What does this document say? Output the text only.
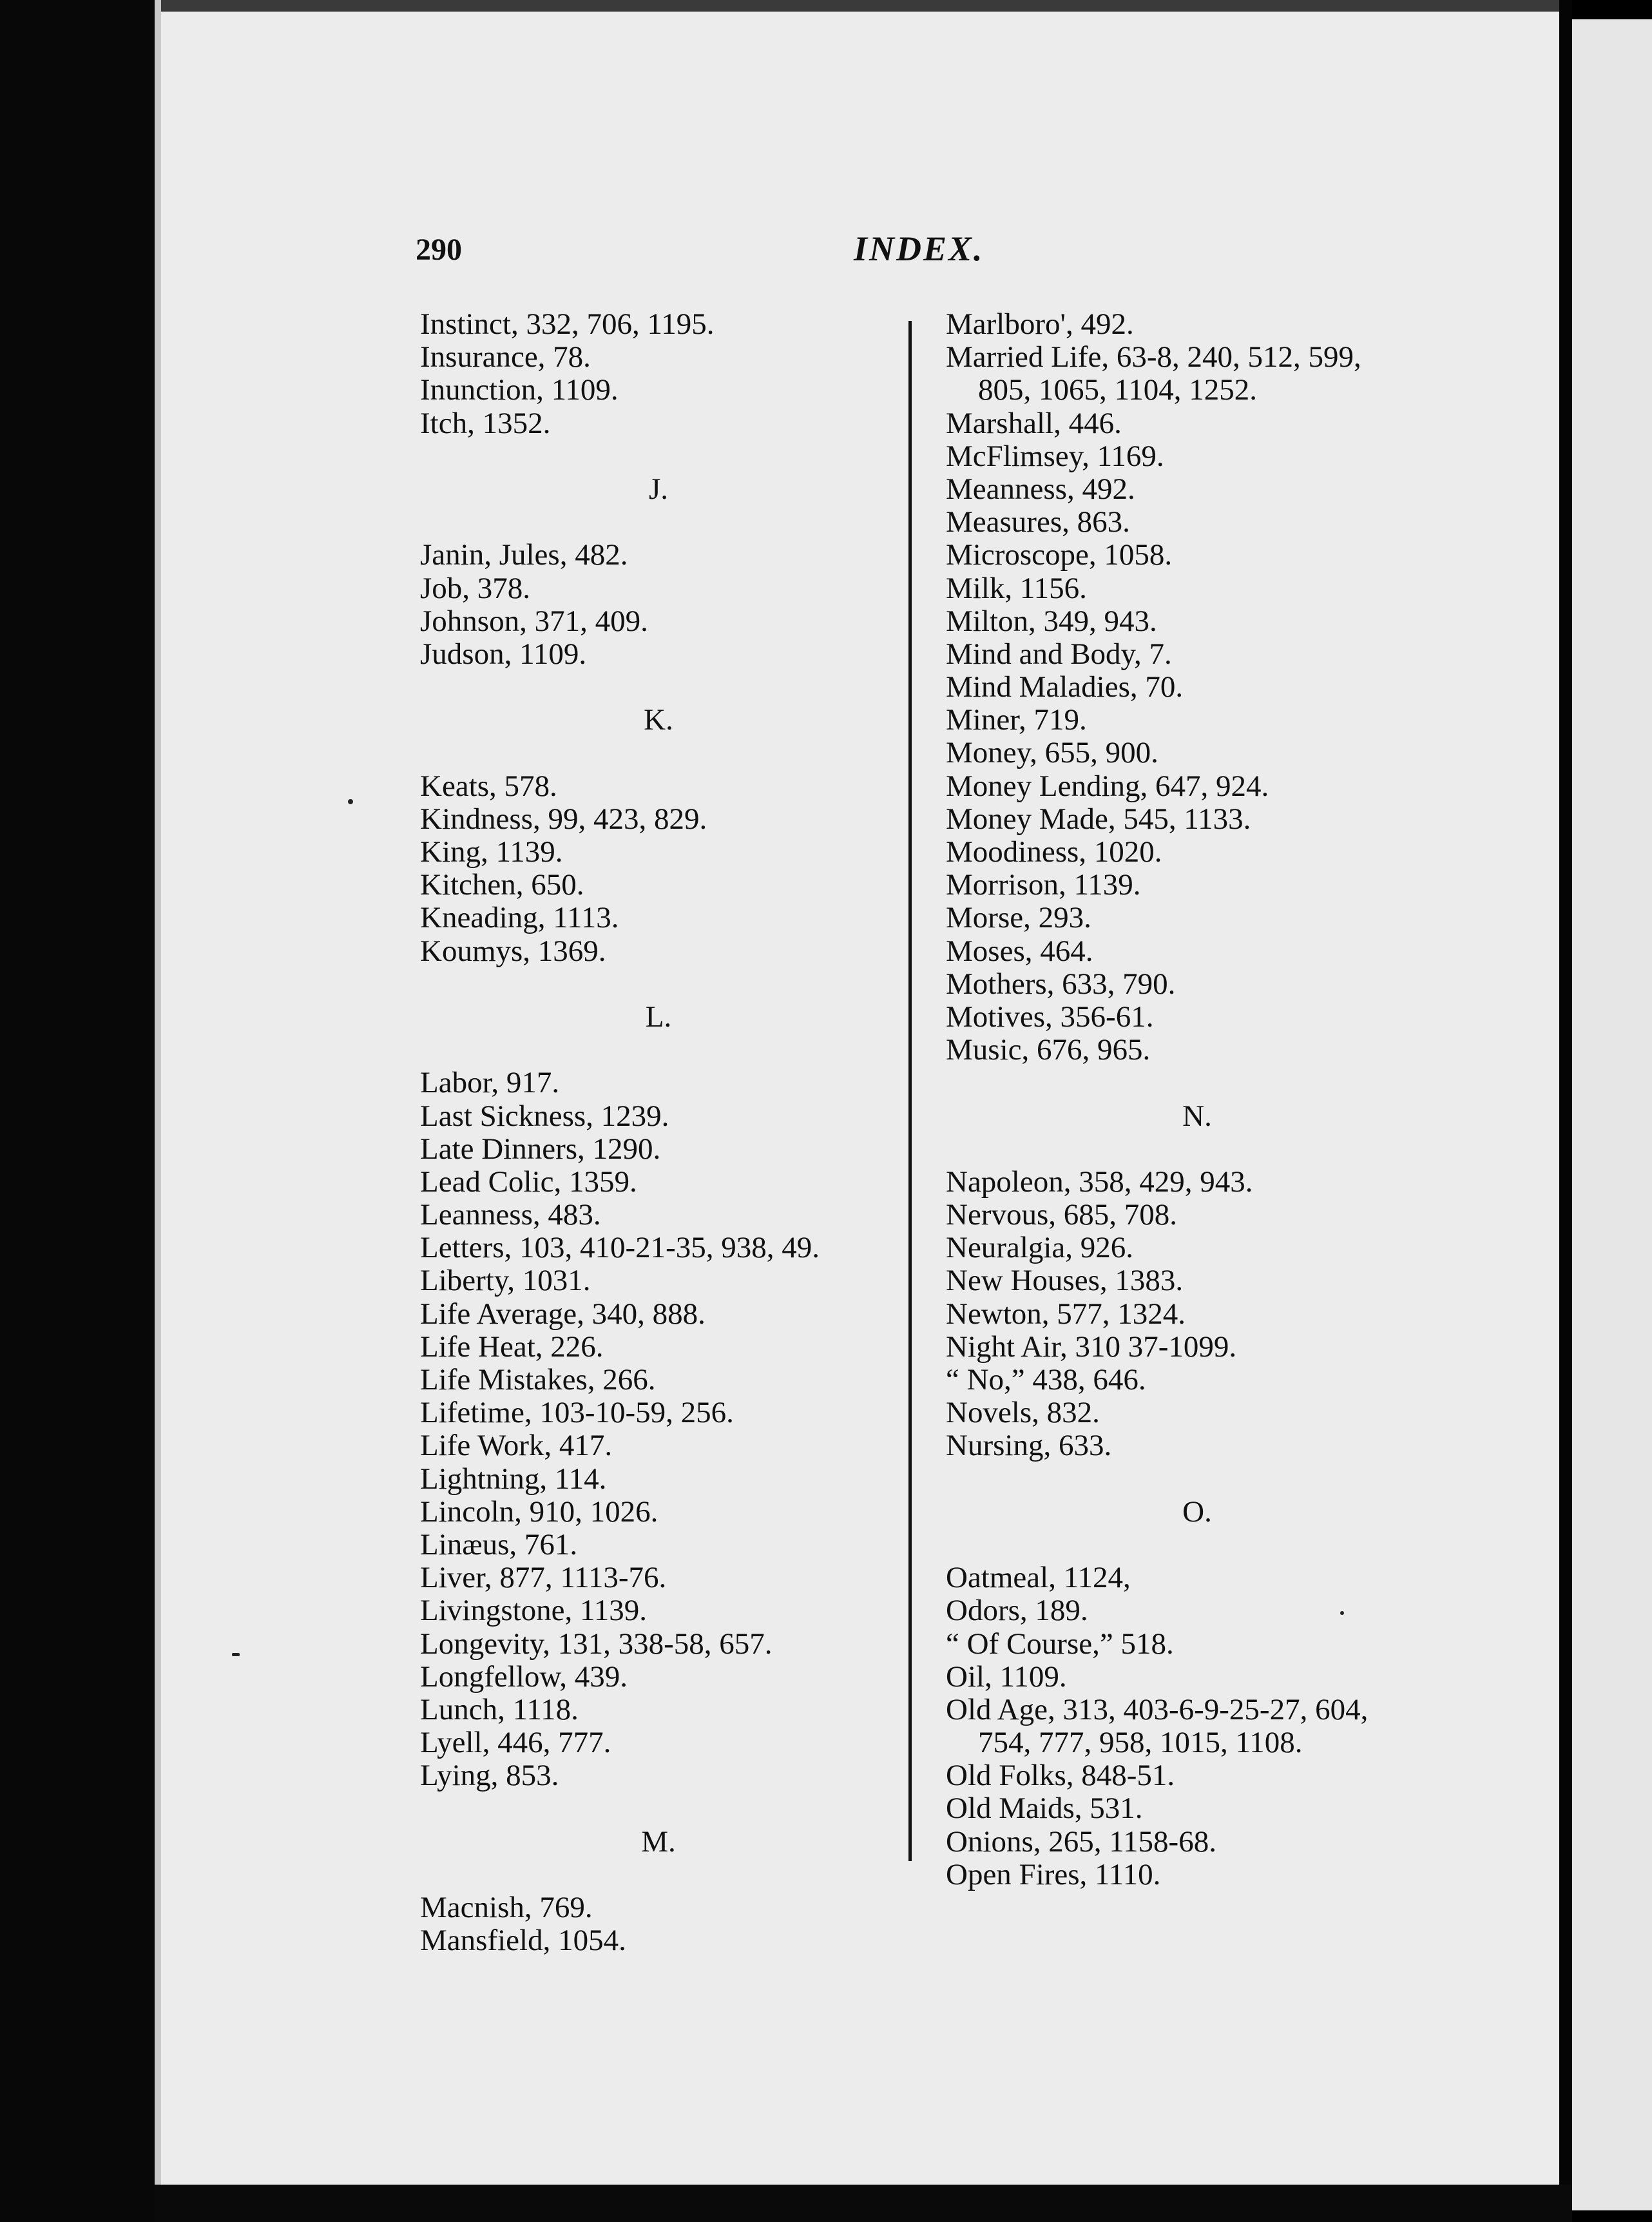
290	INDEX.
Instinct, 332, 706, 1195.
Insurance, 78.
Inunction, 1109.
Itch, 1352.
J.
Janin, Jules, 482.
Job, 378.
Johnson, 371, 409.
Judson, 1109.
K.
Keats, 578.
Kindness, 99, 423, 829.
King, 1139.
Kitchen, 650.
Kneading, 1113.
Koumys, 1369.
L.
Labor, 917.
Last Sickness, 1239.
Late Dinners, 1290.
Lead Colic, 1359.
Leanness, 483.
Letters, 103, 410-21-35, 938, 49.
Liberty, 1031.
Life Average, 340, 888.
Life Heat, 226.
Life Mistakes, 266.
Lifetime, 103-10-59, 256.
Life Work, 417.
Lightning, 114.
Lincoln, 910, 1026.
Linæus, 761.
Liver, 877, 1113-76.
Livingstone, 1139.
Longevity, 131, 338-58, 657.
Longfellow, 439.
Lunch, 1118.
Lyell, 446, 777.
Lying, 853.
M.
Macnish, 769.
Mansfield, 1054.
Marlboro', 492.
Married Life, 63-8, 240, 512, 599,
805, 1065, 1104, 1252.
Marshall, 446.
McFlimsey, 1169.
Meanness, 492.
Measures, 863.
Microscope, 1058.
Milk, 1156.
Milton, 349, 943.
Mind and Body, 7.
Mind Maladies, 70.
Miner, 719.
Money, 655, 900.
Money Lending, 647, 924.
Money Made, 545, 1133.
Moodiness, 1020.
Morrison, 1139.
Morse, 293.
Moses, 464.
Mothers, 633, 790.
Motives, 356-61.
Music, 676, 965.
N.
Napoleon, 358, 429, 943.
Nervous, 685, 708.
Neuralgia, 926.
New Houses, 1383.
Newton, 577, 1324.
Night Air, 310 37-1099.
“ No,” 438, 646.
Novels, 832.
Nursing, 633.
O.
Oatmeal, 1124,
Odors, 189.
“ Of Course,” 518.
Oil, 1109.
Old Age, 313, 403-6-9-25-27, 604,
754, 777, 958, 1015, 1108.
Old Folks, 848-51.
Old Maids, 531.
Onions, 265, 1158-68.
Open Fires, 1110.
